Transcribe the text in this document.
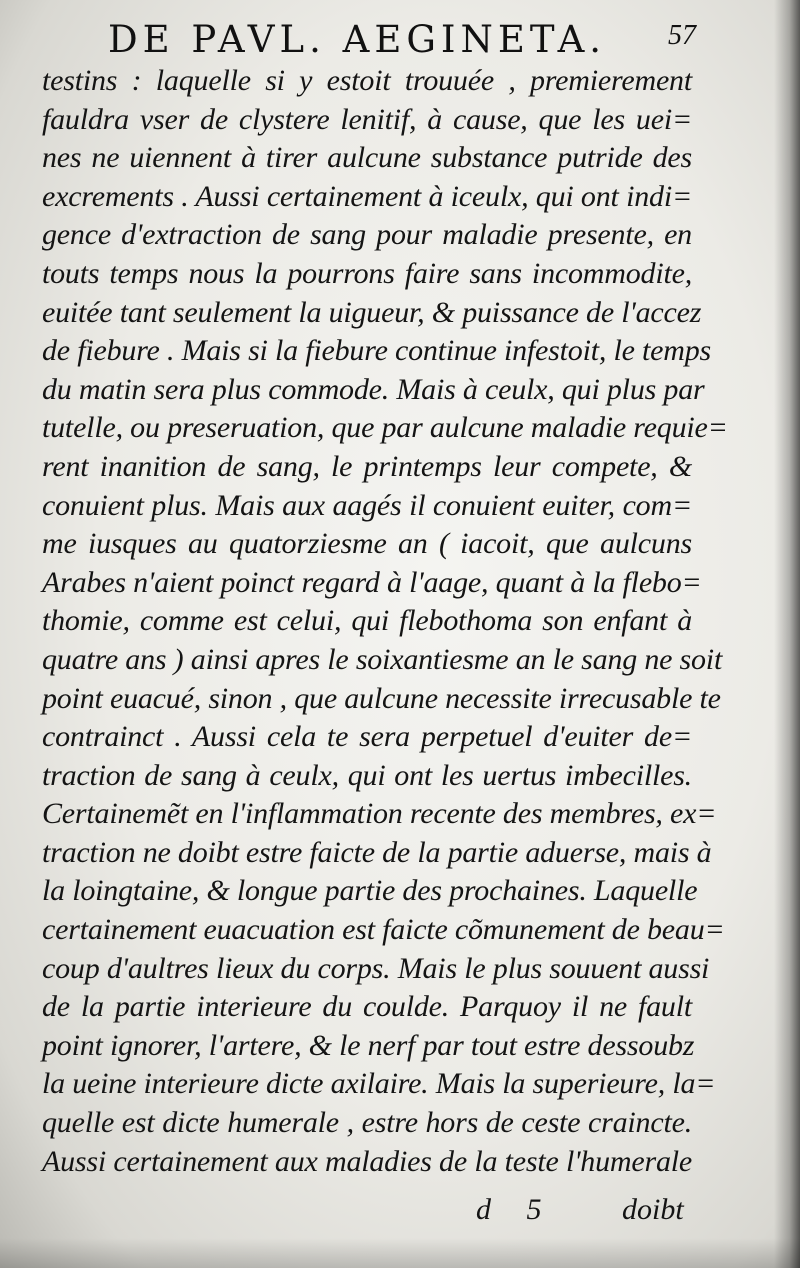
DE PAVL. AEGINETA. 57
testins : laquelle si y estoit trouuée , premierement
fauldra vser de clystere lenitif, à cause, que les uei=
nes ne uiennent à tirer aulcune substance putride des
excrements . Aussi certainement à iceulx, qui ont indi=
gence d'extraction de sang pour maladie presente, en
touts temps nous la pourrons faire sans incommodite,
euitée tant seulement la uigueur, & puissance de l'accez
de fiebure . Mais si la fiebure continue infestoit, le temps
du matin sera plus commode. Mais à ceulx, qui plus par
tutelle, ou preseruation, que par aulcune maladie requie=
rent inanition de sang, le printemps leur compete, &
conuient plus. Mais aux aagés il conuient euiter, com=
me iusques au quatorziesme an ( iacoit, que aulcuns
Arabes n'aient poinct regard à l'aage, quant à la flebo=
thomie, comme est celui, qui flebothoma son enfant à
quatre ans ) ainsi apres le soixantiesme an le sang ne soit
point euacué, sinon , que aulcune necessite irrecusable te
contrainct . Aussi cela te sera perpetuel d'euiter de=
traction de sang à ceulx, qui ont les uertus imbecilles.
Certainemẽt en l'inflammation recente des membres, ex=
traction ne doibt estre faicte de la partie aduerse, mais à
la loingtaine, & longue partie des prochaines. Laquelle
certainement euacuation est faicte cõmunement de beau=
coup d'aultres lieux du corps. Mais le plus souuent aussi
de la partie interieure du coulde. Parquoy il ne fault
point ignorer, l'artere, & le nerf par tout estre dessoubz
la ueine interieure dicte axilaire. Mais la superieure, la=
quelle est dicte humerale , estre hors de ceste craincte.
Aussi certainement aux maladies de la teste l'humerale
d 5 doibt
